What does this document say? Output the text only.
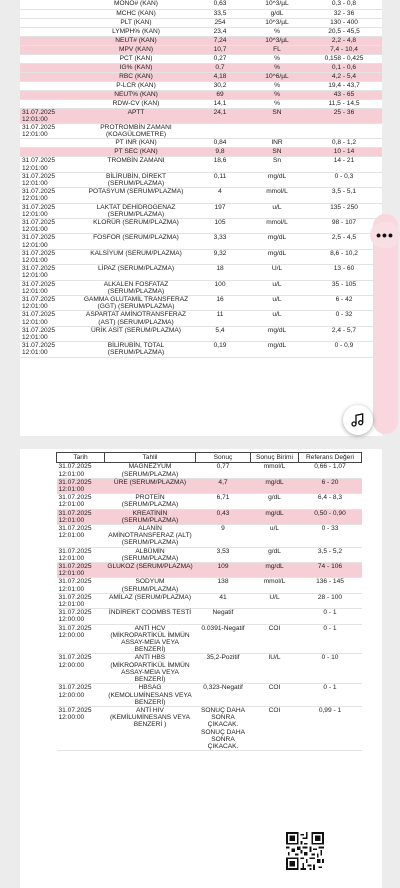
	MONO# (KAN)	0,63	10^3/µL	0,3 - 0,8
	MCHC (KAN)	33,5	g/dL	32 - 36
	PLT (KAN)	254	10^3/µL	130 - 400
	LYMPH% (KAN)	23,4	%	20,5 - 45,5
	NEUT# (KAN)	7,24	10^3/µL	2,2 - 4,8
	MPV (KAN)	10,7	FL	7,4 - 10,4
	PCT (KAN)	0,27	%	0,158 - 0,425
	IG% (KAN)	0,7	%	0,1 - 0,6
	RBC (KAN)	4,18	10^6/µL	4,2 - 5,4
	P-LCR (KAN)	30,2	%	19,4 - 43,7
	NEUT% (KAN)	69	%	43 - 65
	RDW-CV (KAN)	14,1	%	11,5 - 14,5
31.07.2025 12:01:00	APTT	24,1	SN	25 - 36
31.07.2025 12:01:00	PROTROMBİN ZAMANI (KOAGÜLOMETRE)			
	PT INR (KAN)	0,84	INR	0,8 - 1,2
	PT SEC (KAN)	9,8	SN	10 - 14
31.07.2025 12:01:00	TROMBİN ZAMANI	18,6	Sn	14 - 21
31.07.2025 12:01:00	BİLİRUBİN, DİREKT (SERUM/PLAZMA)	0,11	mg/dL	0 - 0,3
31.07.2025 12:01:00	POTASYUM (SERUM/PLAZMA)	4	mmol/L	3,5 - 5,1
31.07.2025 12:01:00	LAKTAT DEHİDROGENAZ (SERUM/PLAZMA)	197	u/L	135 - 250
31.07.2025 12:01:00	KLORÜR (SERUM/PLAZMA)	105	mmol/L	98 - 107
31.07.2025 12:01:00	FOSFOR (SERUM/PLAZMA)	3,33	mg/dL	2,5 - 4,5
31.07.2025 12:01:00	KALSİYUM (SERUM/PLAZMA)	9,32	mg/dL	8,6 - 10,2
31.07.2025 12:01:00	LİPAZ (SERUM/PLAZMA)	18	U/L	13 - 60
31.07.2025 12:01:00	ALKALEN FOSFATAZ (SERUM/PLAZMA)	100	u/L	35 - 105
31.07.2025 12:01:00	GAMMA GLUTAMİL TRANSFERAZ (GGT) (SERUM/PLAZMA)	16	u/L	6 - 42
31.07.2025 12:01:00	ASPARTAT AMİNOTRANSFERAZ (AST) (SERUM/PLAZMA)	11	u/L	0 - 32
31.07.2025 12:01:00	ÜRİK ASİT (SERUM/PLAZMA)	5,4	mg/dL	2,4 - 5,7
31.07.2025 12:01:00	BİLİRUBİN, TOTAL (SERUM/PLAZMA)	0,19	mg/dL	0 - 0,9
Tarih	Tahlil	Sonuç	Sonuç Birimi	Referans Değeri
31.07.2025 12:01:00	MAGNEZYUM (SERUM/PLAZMA)	0,77	mmol/L	0,66 - 1,07
31.07.2025 12:01:00	ÜRE (SERUM/PLAZMA)	4,7	mg/dL	6 - 20
31.07.2025 12:01:00	PROTEİN (SERUM/PLAZMA)	6,71	g/dL	6,4 - 8,3
31.07.2025 12:01:00	KREATİNİN (SERUM/PLAZMA)	0,43	mg/dL	0,50 - 0,90
31.07.2025 12:01:00	ALANİN AMİNOTRANSFERAZ (ALT) (SERUM/PLAZMA)	9	u/L	0 - 33
31.07.2025 12:01:00	ALBÜMİN (SERUM/PLAZMA)	3,53	g/dL	3,5 - 5,2
31.07.2025 12:01:00	GLUKOZ (SERUM/PLAZMA)	109	mg/dL	74 - 106
31.07.2025 12:01:00	SODYUM (SERUM/PLAZMA)	138	mmol/L	136 - 145
31.07.2025 12:01:00	AMİLAZ (SERUM/PLAZMA)	41	U/L	28 - 100
31.07.2025 12:00:00	İNDİREKT COOMBS TESTİ	Negatif		0 - 1
31.07.2025 12:00:00	ANTİ HCV (MİKROPARTİKÜL İMMÜN ASSAY-MEIA VEYA BENZERİ)	0.0391-Negatif	COI	0 - 1
31.07.2025 12:00:00	ANTİ HBS (MİKROPARTİKÜL İMMÜN ASSAY-MEIA VEYA BENZERİ)	35,2-Pozitif	IU/L	0 - 10
31.07.2025 12:00:00	HBSAG (KEMOLUMİNESANS VEYA BENZERİ)	0,323-Negatif	COI	0 - 1
31.07.2025 12:00:00	ANTİ HIV (KEMİLUMİNESANS VEYA BENZERİ )	SONUÇ DAHA SONRA ÇIKACAK. SONUÇ DAHA SONRA ÇIKACAK.	COI	0,99 - 1
•••
